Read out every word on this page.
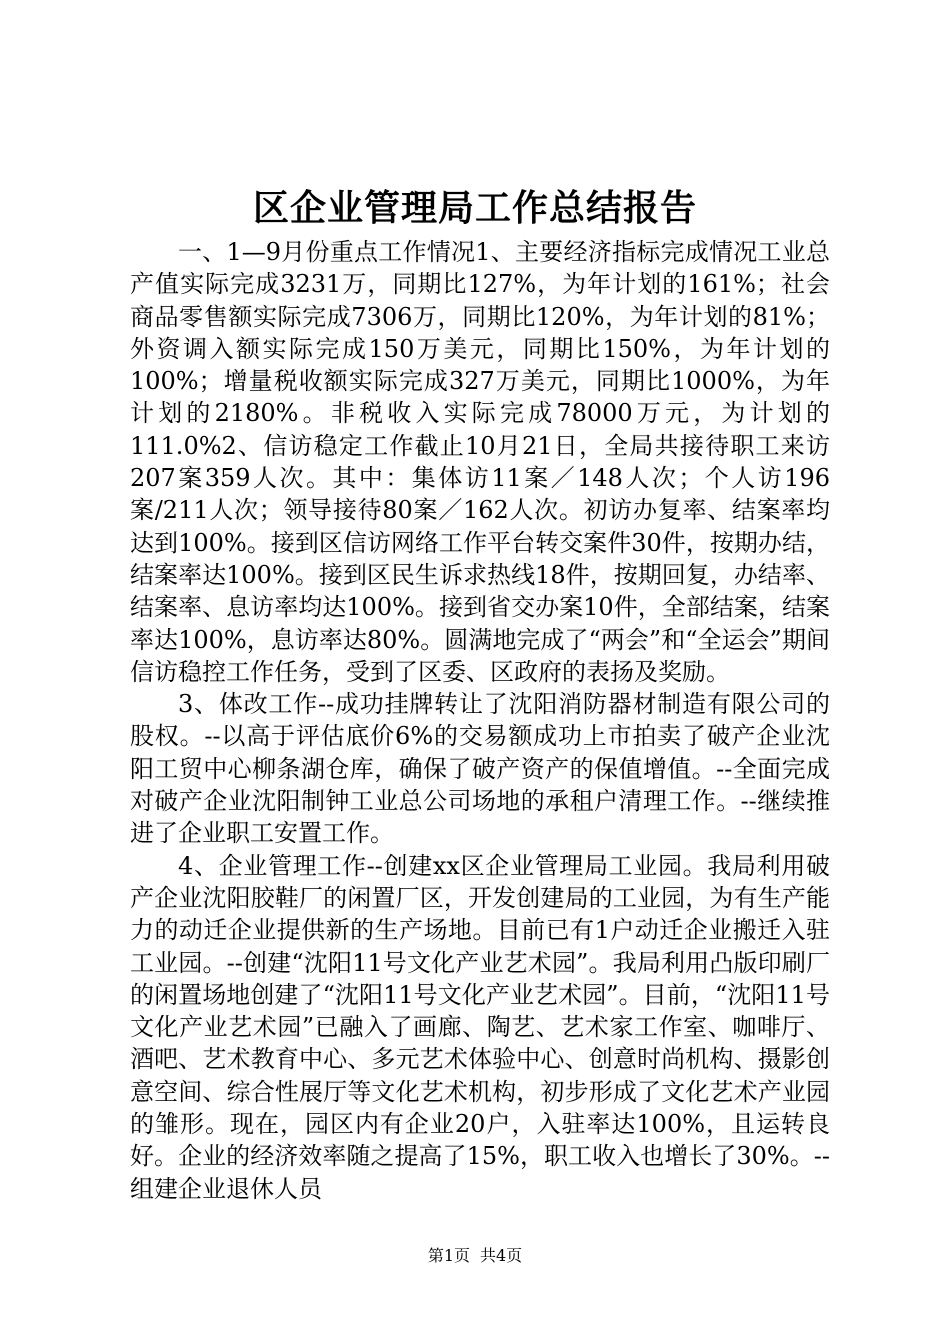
区企业管理局工作总结报告

一、1—9月份重点工作情况1、主要经济指标完成情况工业总产值实际完成3231万，同期比127%，为年计划的161%；社会商品零售额实际完成7306万，同期比120%，为年计划的81%；外资调入额实际完成150万美元，同期比150%，为年计划的100%；增量税收额实际完成327万美元，同期比1000%，为年计划的2180%。非税收入实际完成78000万元，为计划的111.0%2、信访稳定工作截止10月21日，全局共接待职工来访207案359人次。其中：集体访11案／148人次；个人访196案/211人次；领导接待80案／162人次。初访办复率、结案率均达到100%。接到区信访网络工作平台转交案件30件，按期办结，结案率达100%。接到区民生诉求热线18件，按期回复，办结率、结案率、息访率均达100%。接到省交办案10件，全部结案，结案率达100%，息访率达80%。圆满地完成了“两会”和“全运会”期间信访稳控工作任务，受到了区委、区政府的表扬及奖励。

3、体改工作--成功挂牌转让了沈阳消防器材制造有限公司的股权。--以高于评估底价6%的交易额成功上市拍卖了破产企业沈阳工贸中心柳条湖仓库，确保了破产资产的保值增值。--全面完成对破产企业沈阳制钟工业总公司场地的承租户清理工作。--继续推进了企业职工安置工作。

4、企业管理工作--创建xx区企业管理局工业园。我局利用破产企业沈阳胶鞋厂的闲置厂区，开发创建局的工业园，为有生产能力的动迁企业提供新的生产场地。目前已有1户动迁企业搬迁入驻工业园。--创建“沈阳11号文化产业艺术园”。我局利用凸版印刷厂的闲置场地创建了“沈阳11号文化产业艺术园”。目前，“沈阳11号文化产业艺术园”已融入了画廊、陶艺、艺术家工作室、咖啡厅、酒吧、艺术教育中心、多元艺术体验中心、创意时尚机构、摄影创意空间、综合性展厅等文化艺术机构，初步形成了文化艺术产业园的雏形。现在，园区内有企业20户，入驻率达100%，且运转良好。企业的经济效率随之提高了15%，职工收入也增长了30%。--组建企业退休人员

第1页 共4页
